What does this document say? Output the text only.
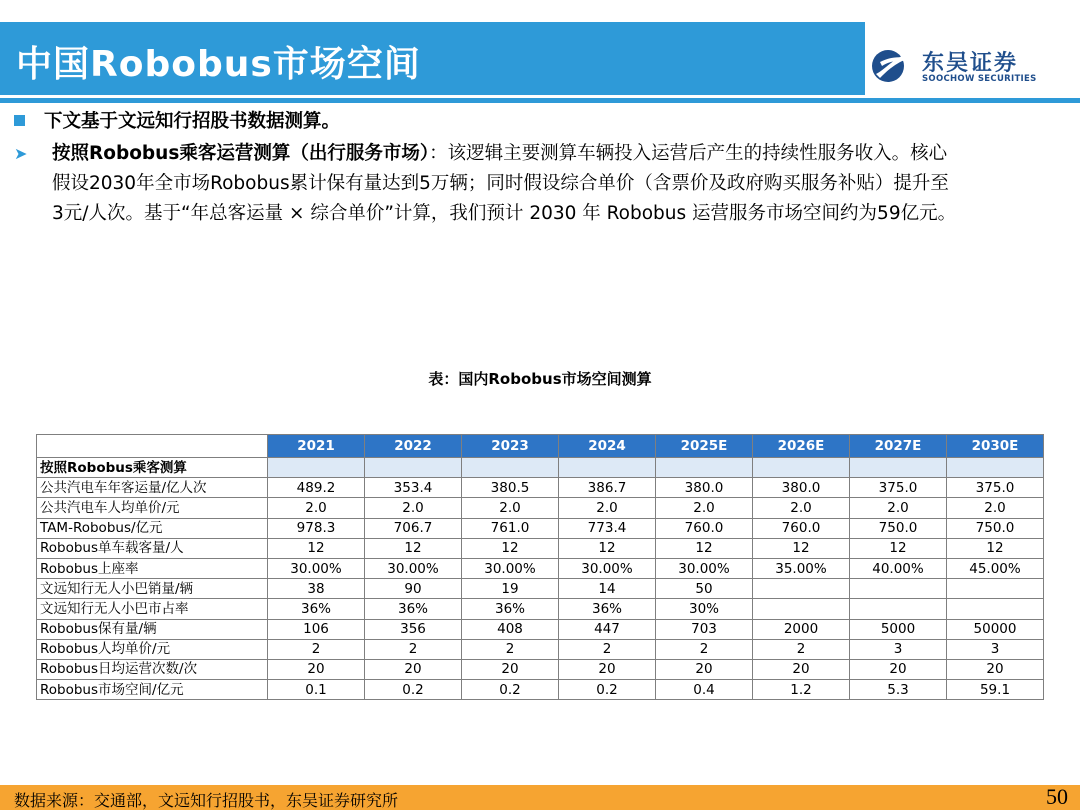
中国Robobus市场空间	东吴证券
SOOCHOW SECURITIES
下文基于文远知行招股书数据测算。
➤ 按照Robobus乘客运营测算（出行服务市场）：该逻辑主要测算车辆投入运营后产生的持续性服务收入。核心
假设2030年全市场Robobus累计保有量达到5万辆；同时假设综合单价（含票价及政府购买服务补贴）提升至
3元/人次。基于“年总客运量 × 综合单价”计算，我们预计 2030 年 Robobus 运营服务市场空间约为59亿元。
表：国内Robobus市场空间测算
	2021	2022	2023	2024	2025E	2026E	2027E	2030E
按照Robobus乘客测算								
公共汽电车年客运量/亿人次	489.2	353.4	380.5	386.7	380.0	380.0	375.0	375.0
公共汽电车人均单价/元	2.0	2.0	2.0	2.0	2.0	2.0	2.0	2.0
TAM-Robobus/亿元	978.3	706.7	761.0	773.4	760.0	760.0	750.0	750.0
Robobus单车载客量/人	12	12	12	12	12	12	12	12
Robobus上座率	30.00%	30.00%	30.00%	30.00%	30.00%	35.00%	40.00%	45.00%
文远知行无人小巴销量/辆	38	90	19	14	50			
文远知行无人小巴市占率	36%	36%	36%	36%	30%			
Robobus保有量/辆	106	356	408	447	703	2000	5000	50000
Robobus人均单价/元	2	2	2	2	2	2	3	3
Robobus日均运营次数/次	20	20	20	20	20	20	20	20
Robobus市场空间/亿元	0.1	0.2	0.2	0.2	0.4	1.2	5.3	59.1
数据来源：交通部，文远知行招股书，东吴证券研究所	50
